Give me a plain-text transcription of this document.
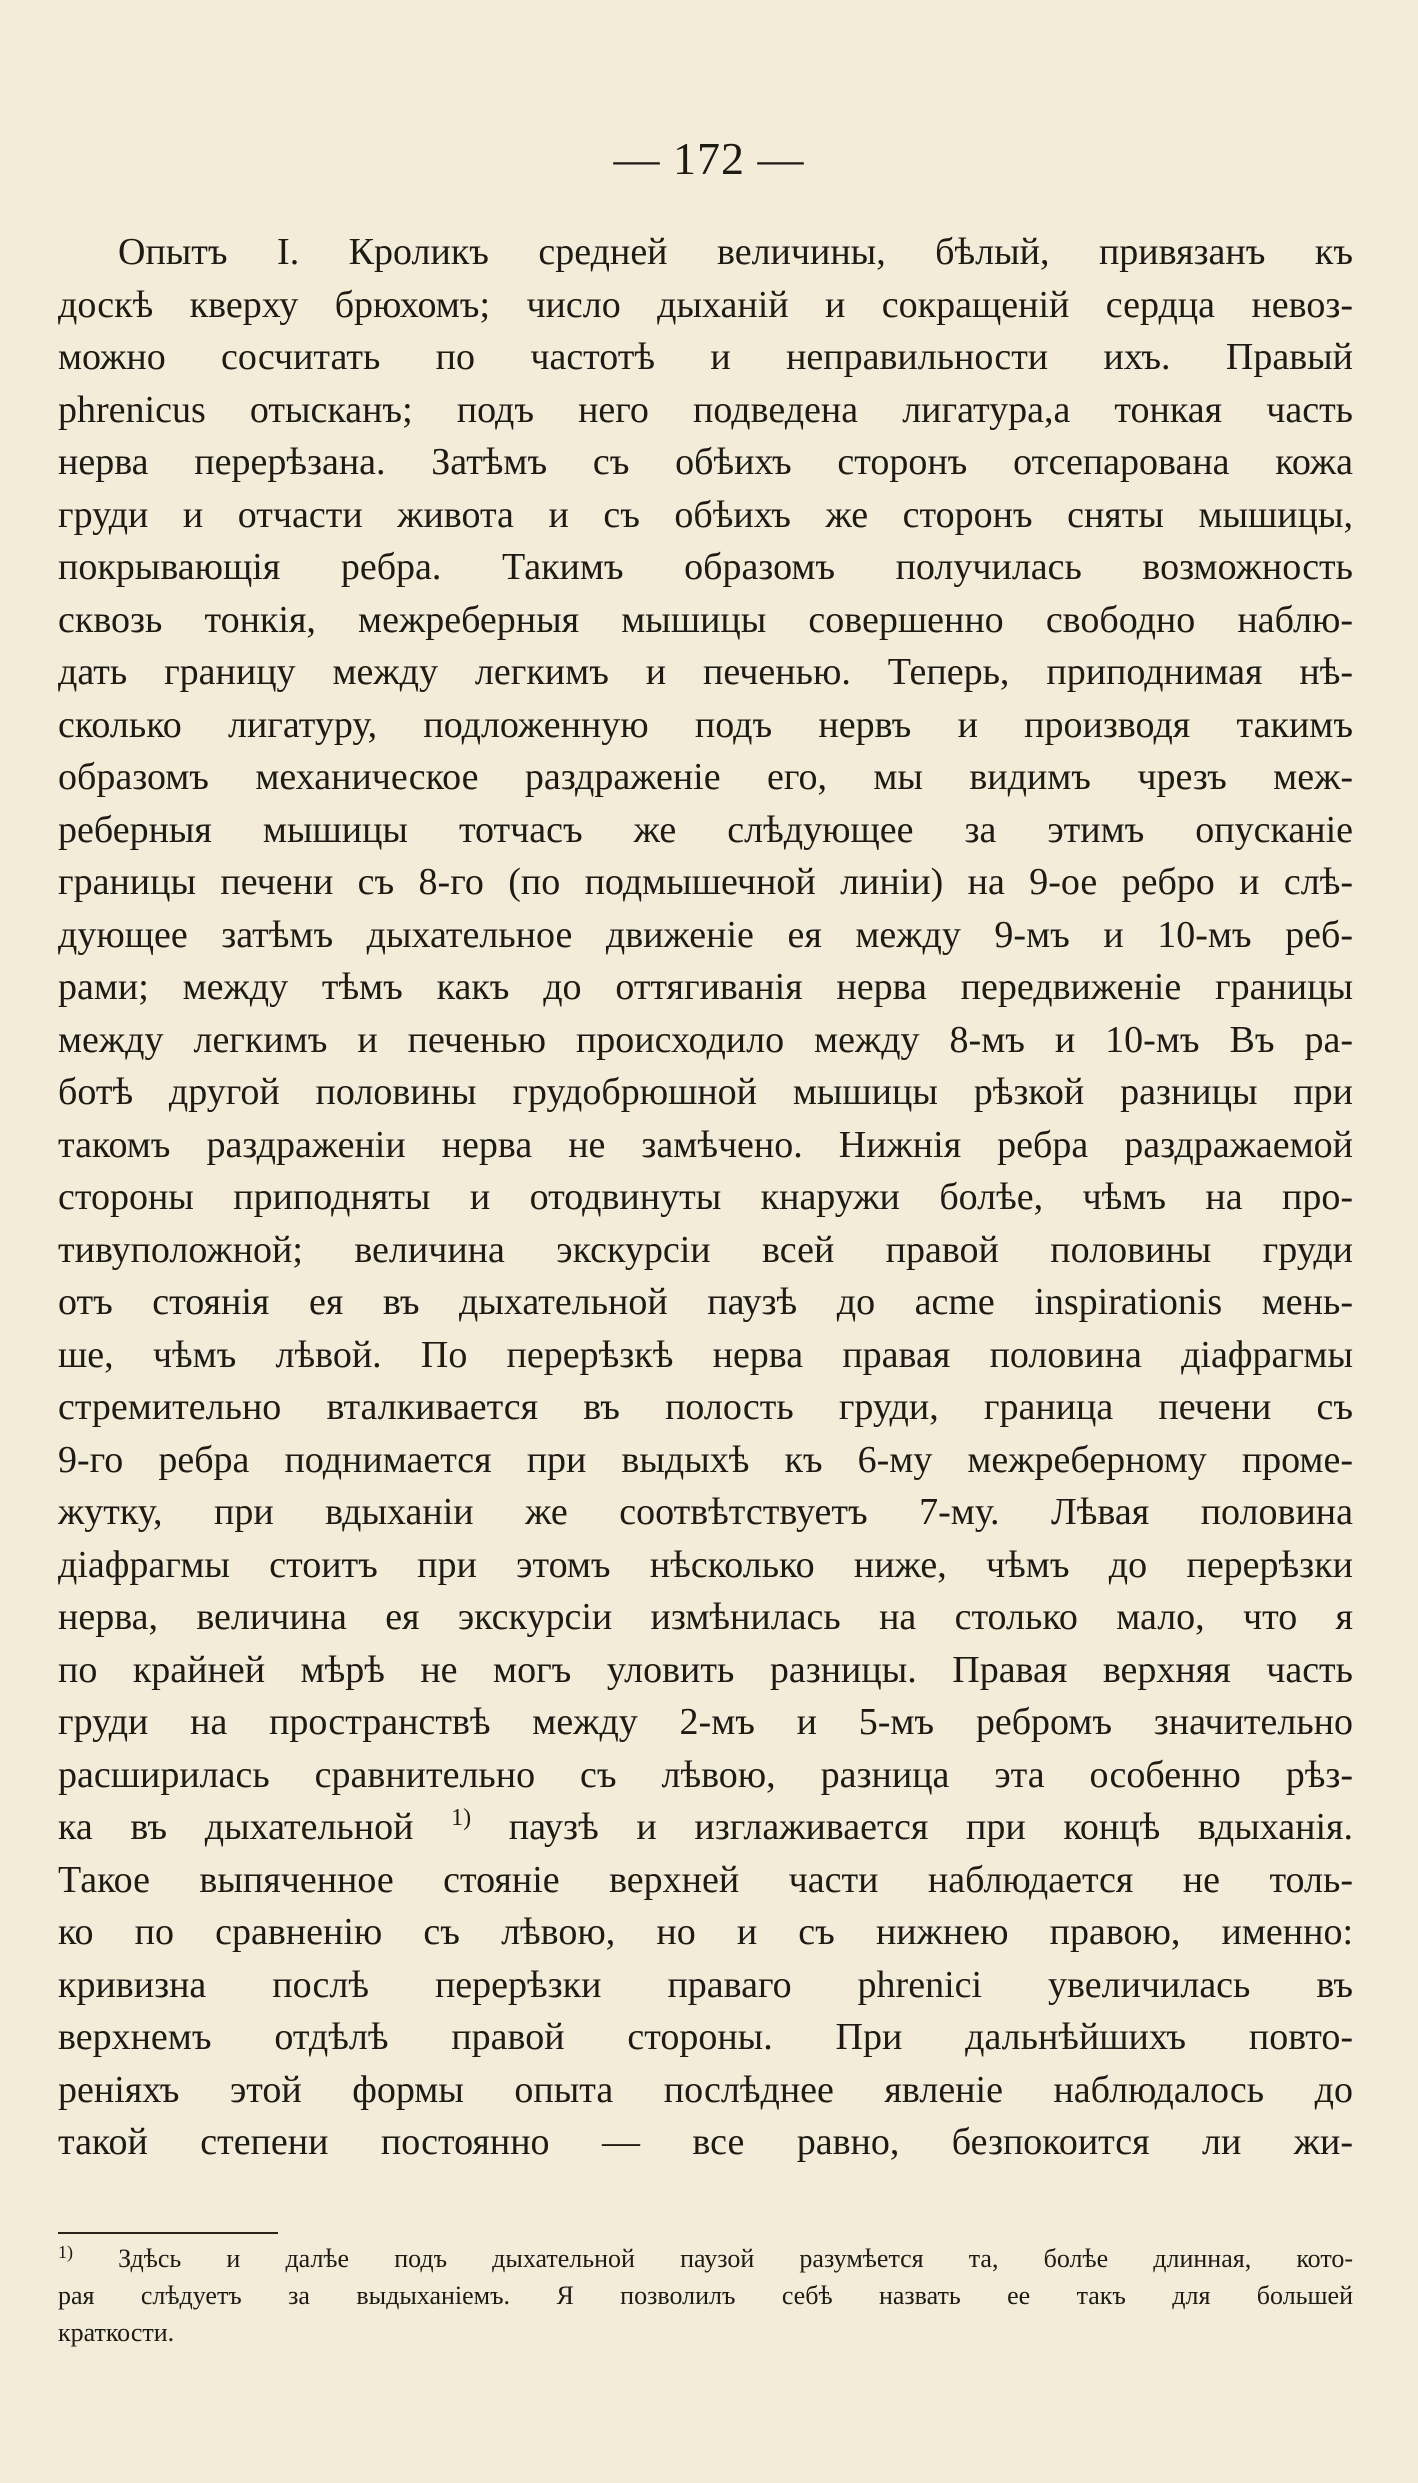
— 172 —
Опытъ I. Кроликъ средней величины, бѣлый, привязанъ къ
доскѣ кверху брюхомъ; число дыханій и сокращеній сердца невоз-
можно сосчитать по частотѣ и неправильности ихъ. Правый
phrenicus отысканъ; подъ него подведена лигатура,а тонкая часть
нерва перерѣзана. Затѣмъ съ обѣихъ сторонъ отсепарована кожа
груди и отчасти живота и съ обѣихъ же сторонъ сняты мышицы,
покрывающія ребра. Такимъ образомъ получилась возможность
сквозь тонкія, межреберныя мышицы совершенно свободно наблю-
дать границу между легкимъ и печенью. Теперь, приподнимая нѣ-
сколько лигатуру, подложенную подъ нервъ и производя такимъ
образомъ механическое раздраженіе его, мы видимъ чрезъ меж-
реберныя мышицы тотчасъ же слѣдующее за этимъ опусканіе
границы печени съ 8-го (по подмышечной линіи) на 9-ое ребро и слѣ-
дующее затѣмъ дыхательное движеніе ея между 9-мъ и 10-мъ реб-
рами; между тѣмъ какъ до оттягиванія нерва передвиженіе границы
между легкимъ и печенью происходило между 8-мъ и 10-мъ Въ ра-
ботѣ другой половины грудобрюшной мышицы рѣзкой разницы при
такомъ раздраженіи нерва не замѣчено. Нижнія ребра раздражаемой
стороны приподняты и отодвинуты кнаружи болѣе, чѣмъ на про-
тивуположной; величина экскурсіи всей правой половины груди
отъ стоянія ея въ дыхательной паузѣ до acme inspirationis мень-
ше, чѣмъ лѣвой. По перерѣзкѣ нерва правая половина діафрагмы
стремительно вталкивается въ полость груди, граница печени съ
9-го ребра поднимается при выдыхѣ къ 6-му межреберному проме-
жутку, при вдыханіи же соотвѣтствуетъ 7-му. Лѣвая половина
діафрагмы стоитъ при этомъ нѣсколько ниже, чѣмъ до перерѣзки
нерва, величина ея экскурсіи измѣнилась на столько мало, что я
по крайней мѣрѣ не могъ уловить разницы. Правая верхняя часть
груди на пространствѣ между 2-мъ и 5-мъ ребромъ значительно
расширилась сравнительно съ лѣвою, разница эта особенно рѣз-
ка въ дыхательной $^{1)}$ паузѣ и изглаживается при концѣ вдыханія.
Такое выпяченное стояніе верхней части наблюдается не толь-
ко по сравненію съ лѣвою, но и съ нижнею правою, именно:
кривизна послѣ перерѣзки праваго phrenici увеличилась въ
верхнемъ отдѣлѣ правой стороны. При дальнѣйшихъ повто-
реніяхъ этой формы опыта послѣднее явленіе наблюдалось до
такой степени постоянно — все равно, безпокоится ли жи-
$^{1)}$ Здѣсь и далѣе подъ дыхательной паузой разумѣется та, болѣе длинная, кото-
рая слѣдуетъ за выдыханіемъ. Я позволилъ себѣ назвать ее такъ для большей
краткости.
